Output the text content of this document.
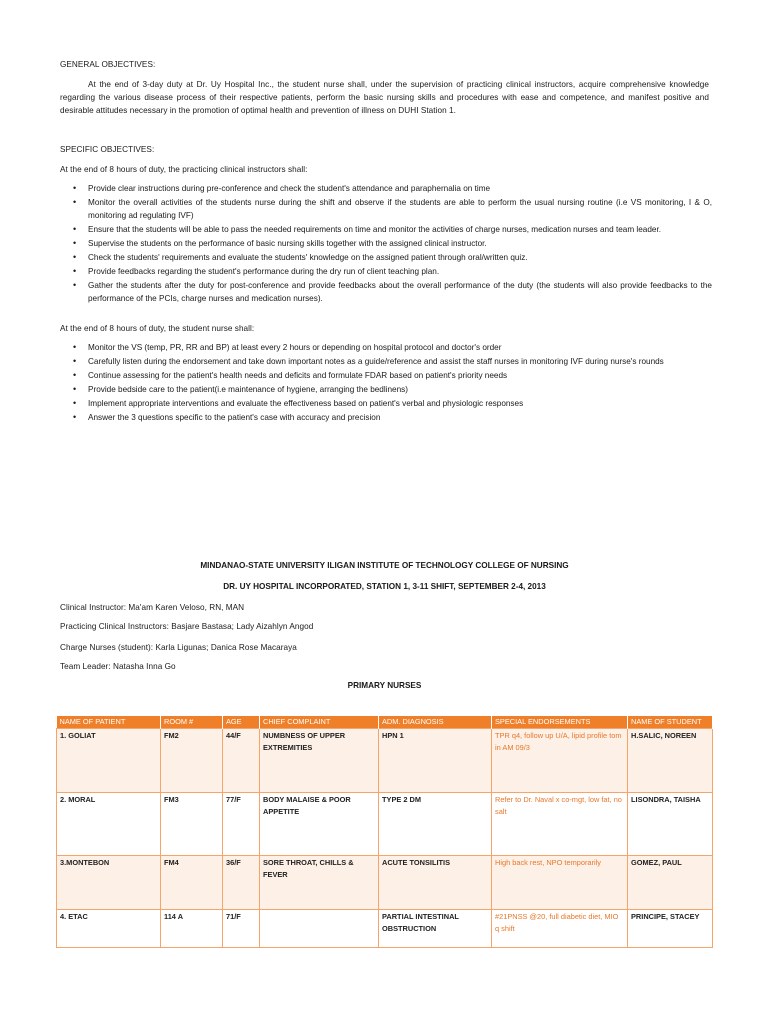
GENERAL OBJECTIVES:
At the end of 3-day duty at Dr. Uy Hospital Inc., the student nurse shall, under the supervision of practicing clinical instructors, acquire comprehensive knowledge regarding the various disease process of their respective patients, perform the basic nursing skills and procedures with ease and competence, and manifest positive and desirable attitudes necessary in the promotion of optimal health and prevention of illness on DUHI Station 1.
SPECIFIC OBJECTIVES:
At the end of 8 hours of duty, the practicing clinical instructors shall:
• Provide clear instructions during pre-conference and check the student's attendance and paraphernalia on time
• Monitor the overall activities of the students nurse during the shift and observe if the students are able to perform the usual nursing routine (i.e VS monitoring, I & O, monitoring ad regulating IVF)
• Ensure that the students will be able to pass the needed requirements on time and monitor the activities of charge nurses, medication nurses and team leader.
• Supervise the students on the performance of basic nursing skills together with the assigned clinical instructor.
• Check the students' requirements and evaluate the students' knowledge on the assigned patient through oral/written quiz.
• Provide feedbacks regarding the student's performance during the dry run of client teaching plan.
• Gather the students after the duty for post-conference and provide feedbacks about the overall performance of the duty (the students will also provide feedbacks to the performance of the PCIs, charge nurses and medication nurses).
At the end of 8 hours of duty, the student nurse shall:
• Monitor the VS (temp, PR, RR and BP) at least every 2 hours or depending on hospital protocol and doctor's order
• Carefully listen during the endorsement and take down important notes as a guide/reference and assist the staff nurses in monitoring IVF during nurse's rounds
• Continue assessing for the patient's health needs and deficits and formulate FDAR based on patient's priority needs
• Provide bedside care to the patient(i.e maintenance of hygiene, arranging the bedlinens)
• Implement appropriate interventions and evaluate the effectiveness based on patient's verbal and physiologic responses
• Answer the 3 questions specific to the patient's case with accuracy and precision
MINDANAO-STATE UNIVERSITY ILIGAN INSTITUTE OF TECHNOLOGY COLLEGE OF NURSING
DR. UY HOSPITAL INCORPORATED, STATION 1, 3-11 SHIFT, SEPTEMBER 2-4, 2013
Clinical Instructor: Ma'am Karen Veloso, RN, MAN
Practicing Clinical Instructors: Basjare Bastasa; Lady Aizahlyn Angod
Charge Nurses (student): Karla Ligunas; Danica Rose Macaraya
Team Leader: Natasha Inna Go
PRIMARY NURSES
NAME OF PATIENT	ROOM #	AGE	CHIEF COMPLAINT	ADM. DIAGNOSIS	SPECIAL ENDORSEMENTS	NAME OF STUDENT
1. GOLIAT	FM2	44/F	NUMBNESS OF UPPER EXTREMITIES	HPN 1	TPR q4, follow up U/A, lipid profile tom in AM 09/3	H.SALIC, NOREEN
2. MORAL	FM3	77/F	BODY MALAISE & POOR APPETITE	TYPE 2 DM	Refer to Dr. Naval x co-mgt, low fat, no salt	LISONDRA, TAISHA
3.MONTEBON	FM4	36/F	SORE THROAT, CHILLS & FEVER	ACUTE TONSILITIS	High back rest, NPO temporarily	GOMEZ, PAUL
4. ETAC	114 A	71/F		PARTIAL INTESTINAL OBSTRUCTION	#21PNSS @20, full diabetic diet, MIO q shift	PRINCIPE, STACEY
